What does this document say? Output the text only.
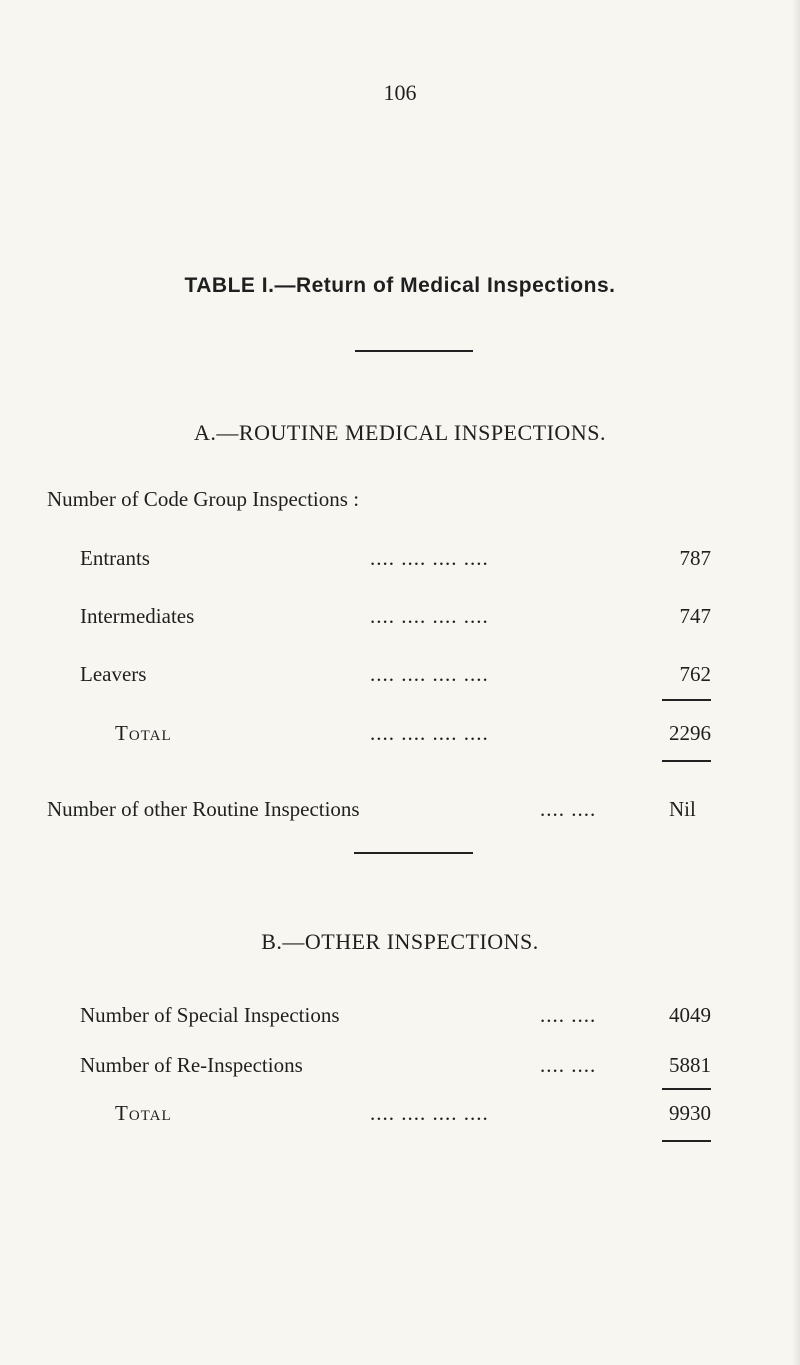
106
TABLE I.—Return of Medical Inspections.
A.—ROUTINE MEDICAL INSPECTIONS.
Number of Code Group Inspections :
Entrants	.... .... .... ....	787
Intermediates	.... .... .... ....	747
Leavers	.... .... .... ....	762
Total	.... .... .... ....	2296
Number of other Routine Inspections	.... ....	Nil
B.—OTHER INSPECTIONS.
Number of Special Inspections	.... ....	4049
Number of Re-Inspections	.... ....	5881
Total	.... .... .... ....	9930
